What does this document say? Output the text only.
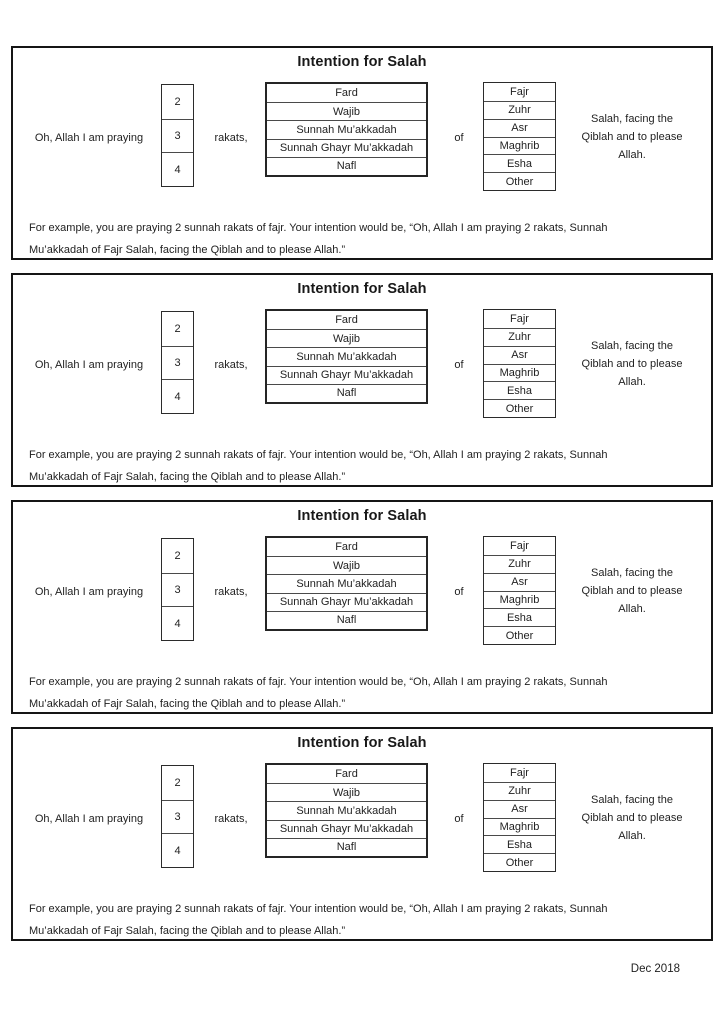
Intention for Salah
Oh, Allah I am praying
2
3
4
rakats,
Fard
Wajib
Sunnah Mu’akkadah
Sunnah Ghayr Mu’akkadah
Nafl
of
Fajr
Zuhr
Asr
Maghrib
Esha
Other
Salah, facing the
Qiblah and to please
Allah.
For example, you are praying 2 sunnah rakats of fajr. Your intention would be, “Oh, Allah I am praying 2 rakats, Sunnah
Mu’akkadah of Fajr Salah, facing the Qiblah and to please Allah.”
Intention for Salah
Oh, Allah I am praying
2
3
4
rakats,
Fard
Wajib
Sunnah Mu’akkadah
Sunnah Ghayr Mu’akkadah
Nafl
of
Fajr
Zuhr
Asr
Maghrib
Esha
Other
Salah, facing the
Qiblah and to please
Allah.
For example, you are praying 2 sunnah rakats of fajr. Your intention would be, “Oh, Allah I am praying 2 rakats, Sunnah
Mu’akkadah of Fajr Salah, facing the Qiblah and to please Allah.”
Intention for Salah
Oh, Allah I am praying
2
3
4
rakats,
Fard
Wajib
Sunnah Mu’akkadah
Sunnah Ghayr Mu’akkadah
Nafl
of
Fajr
Zuhr
Asr
Maghrib
Esha
Other
Salah, facing the
Qiblah and to please
Allah.
For example, you are praying 2 sunnah rakats of fajr. Your intention would be, “Oh, Allah I am praying 2 rakats, Sunnah
Mu’akkadah of Fajr Salah, facing the Qiblah and to please Allah.”
Intention for Salah
Oh, Allah I am praying
2
3
4
rakats,
Fard
Wajib
Sunnah Mu’akkadah
Sunnah Ghayr Mu’akkadah
Nafl
of
Fajr
Zuhr
Asr
Maghrib
Esha
Other
Salah, facing the
Qiblah and to please
Allah.
For example, you are praying 2 sunnah rakats of fajr. Your intention would be, “Oh, Allah I am praying 2 rakats, Sunnah
Mu’akkadah of Fajr Salah, facing the Qiblah and to please Allah.”
Dec 2018
